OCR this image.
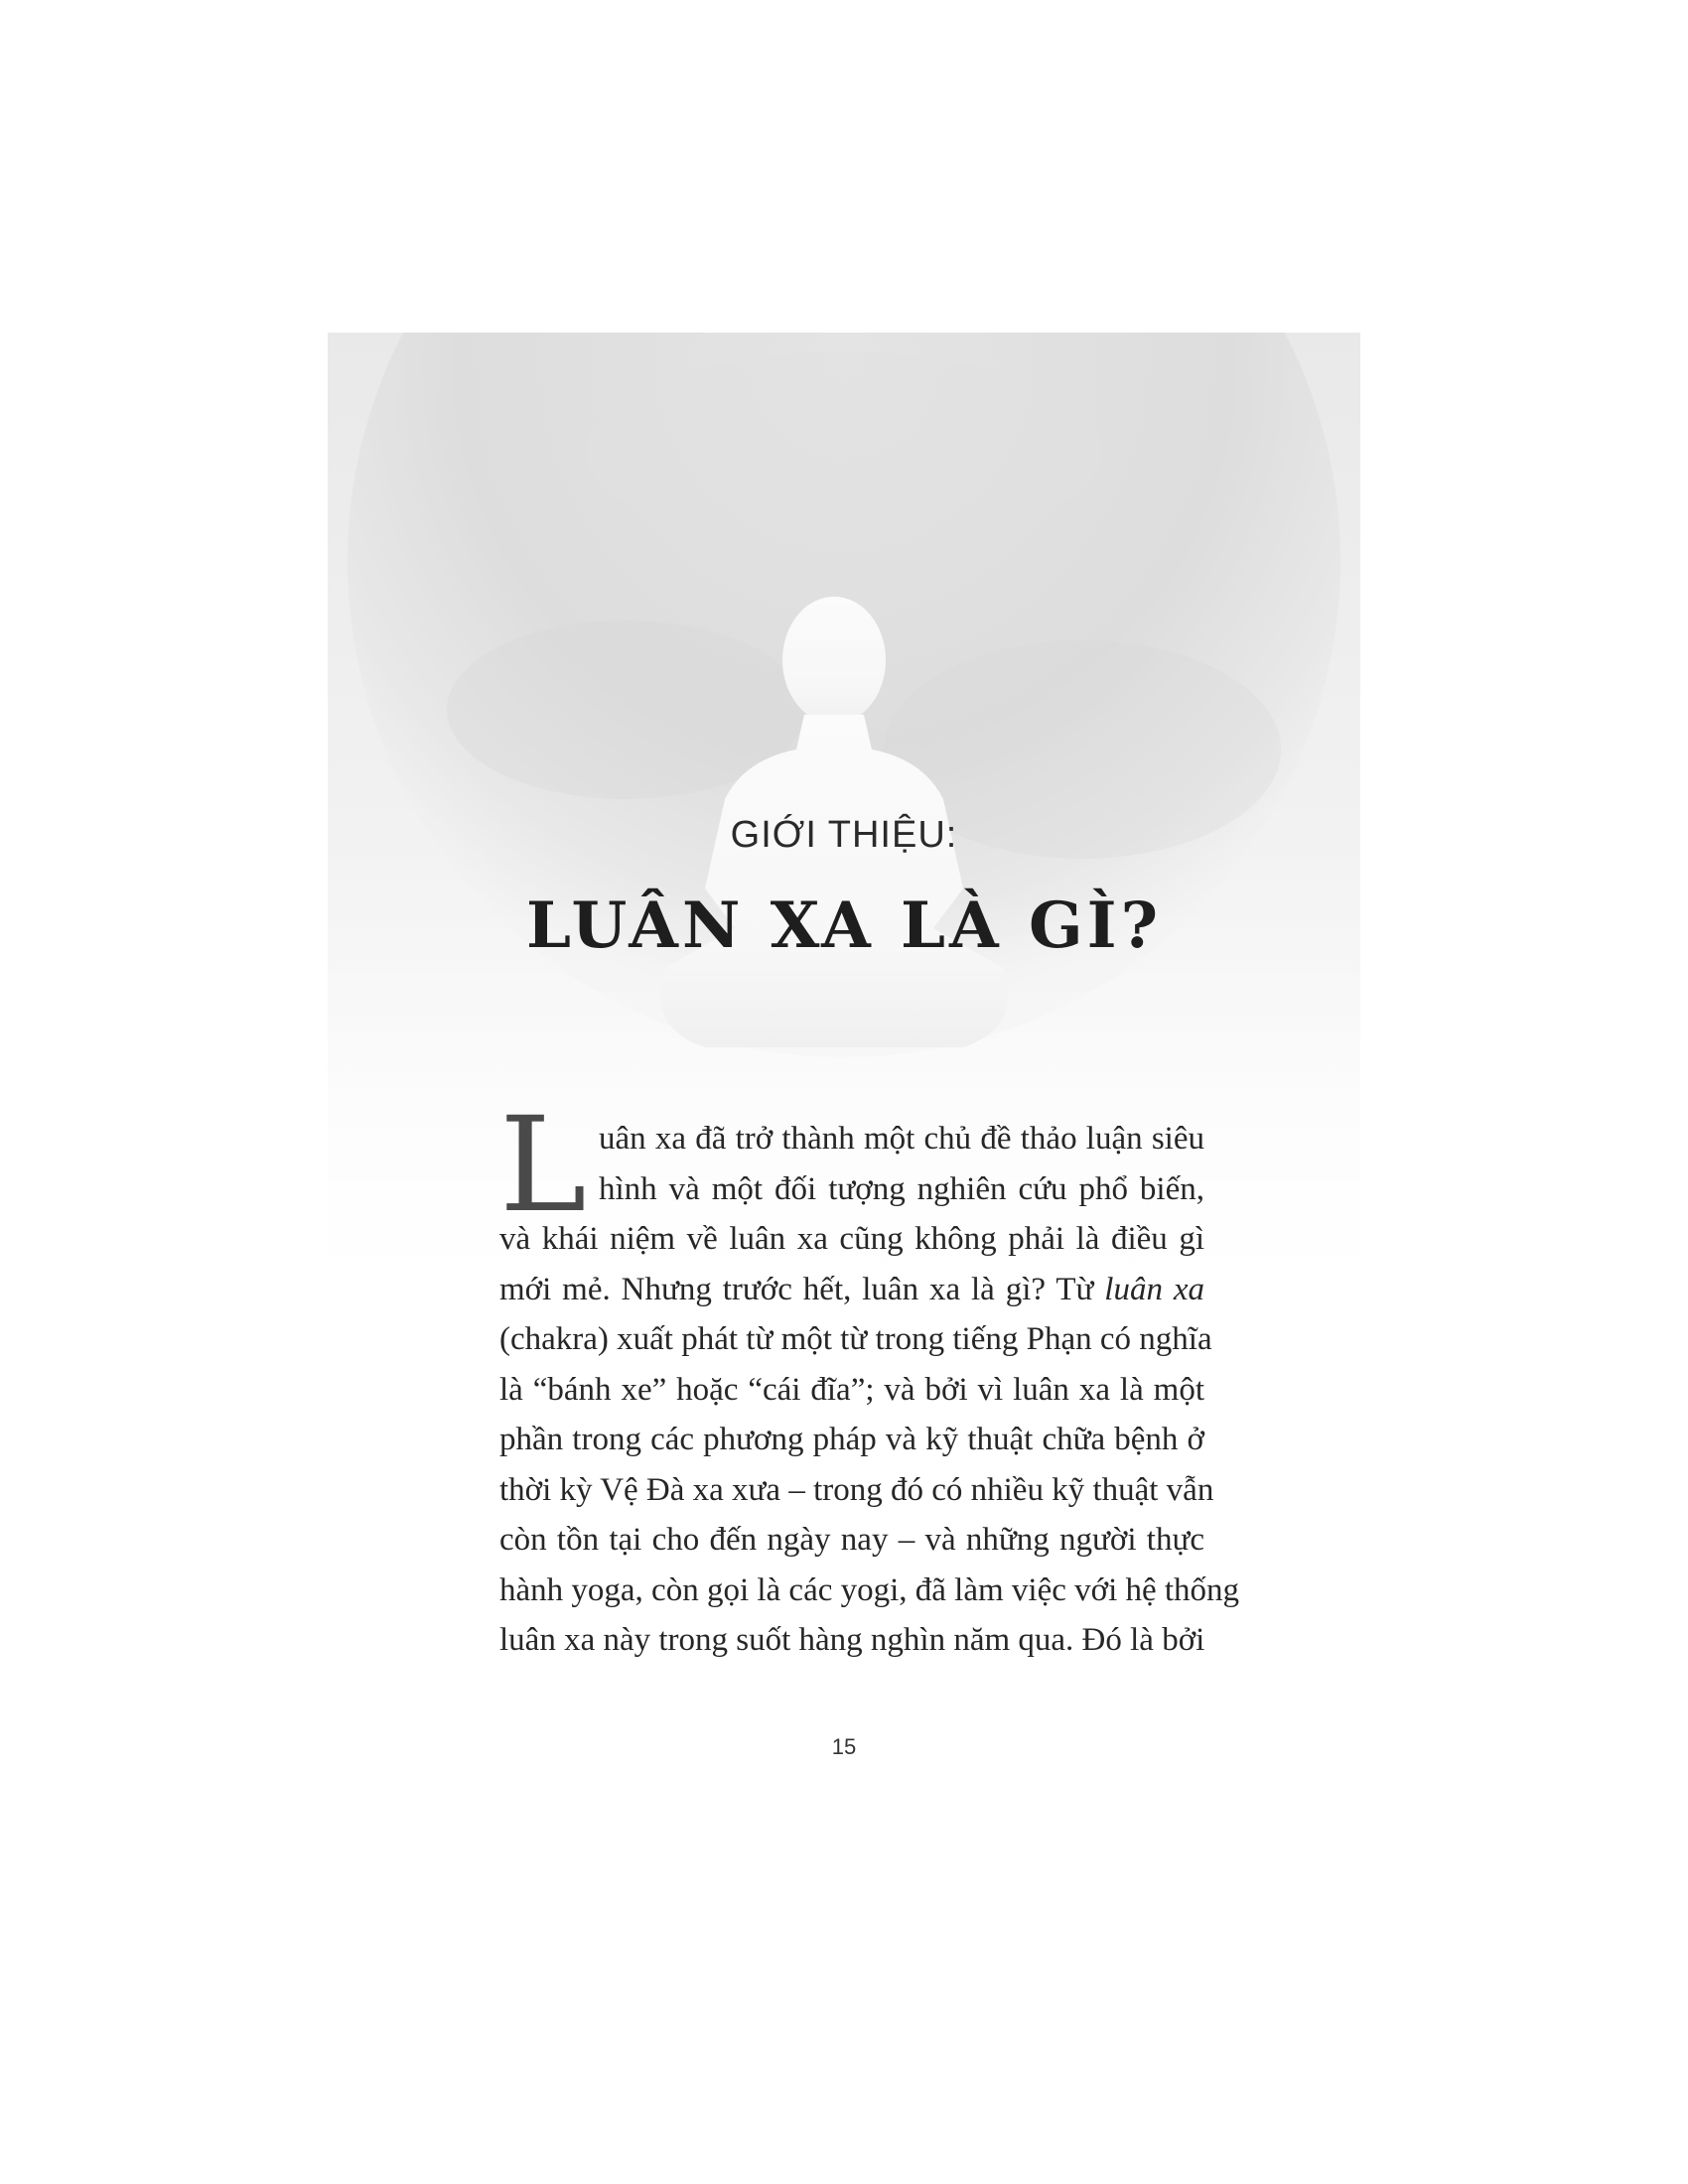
GIỚI THIỆU:
LUÂN XA LÀ GÌ?
L uân xa đã trở thành một chủ đề thảo luận siêu
hình và một đối tượng nghiên cứu phổ biến,
và khái niệm về luân xa cũng không phải là điều gì
mới mẻ. Nhưng trước hết, luân xa là gì? Từ luân xa
(chakra) xuất phát từ một từ trong tiếng Phạn có nghĩa
là “bánh xe” hoặc “cái đĩa”; và bởi vì luân xa là một
phần trong các phương pháp và kỹ thuật chữa bệnh ở
thời kỳ Vệ Đà xa xưa – trong đó có nhiều kỹ thuật vẫn
còn tồn tại cho đến ngày nay – và những người thực
hành yoga, còn gọi là các yogi, đã làm việc với hệ thống
luân xa này trong suốt hàng nghìn năm qua. Đó là bởi
15
